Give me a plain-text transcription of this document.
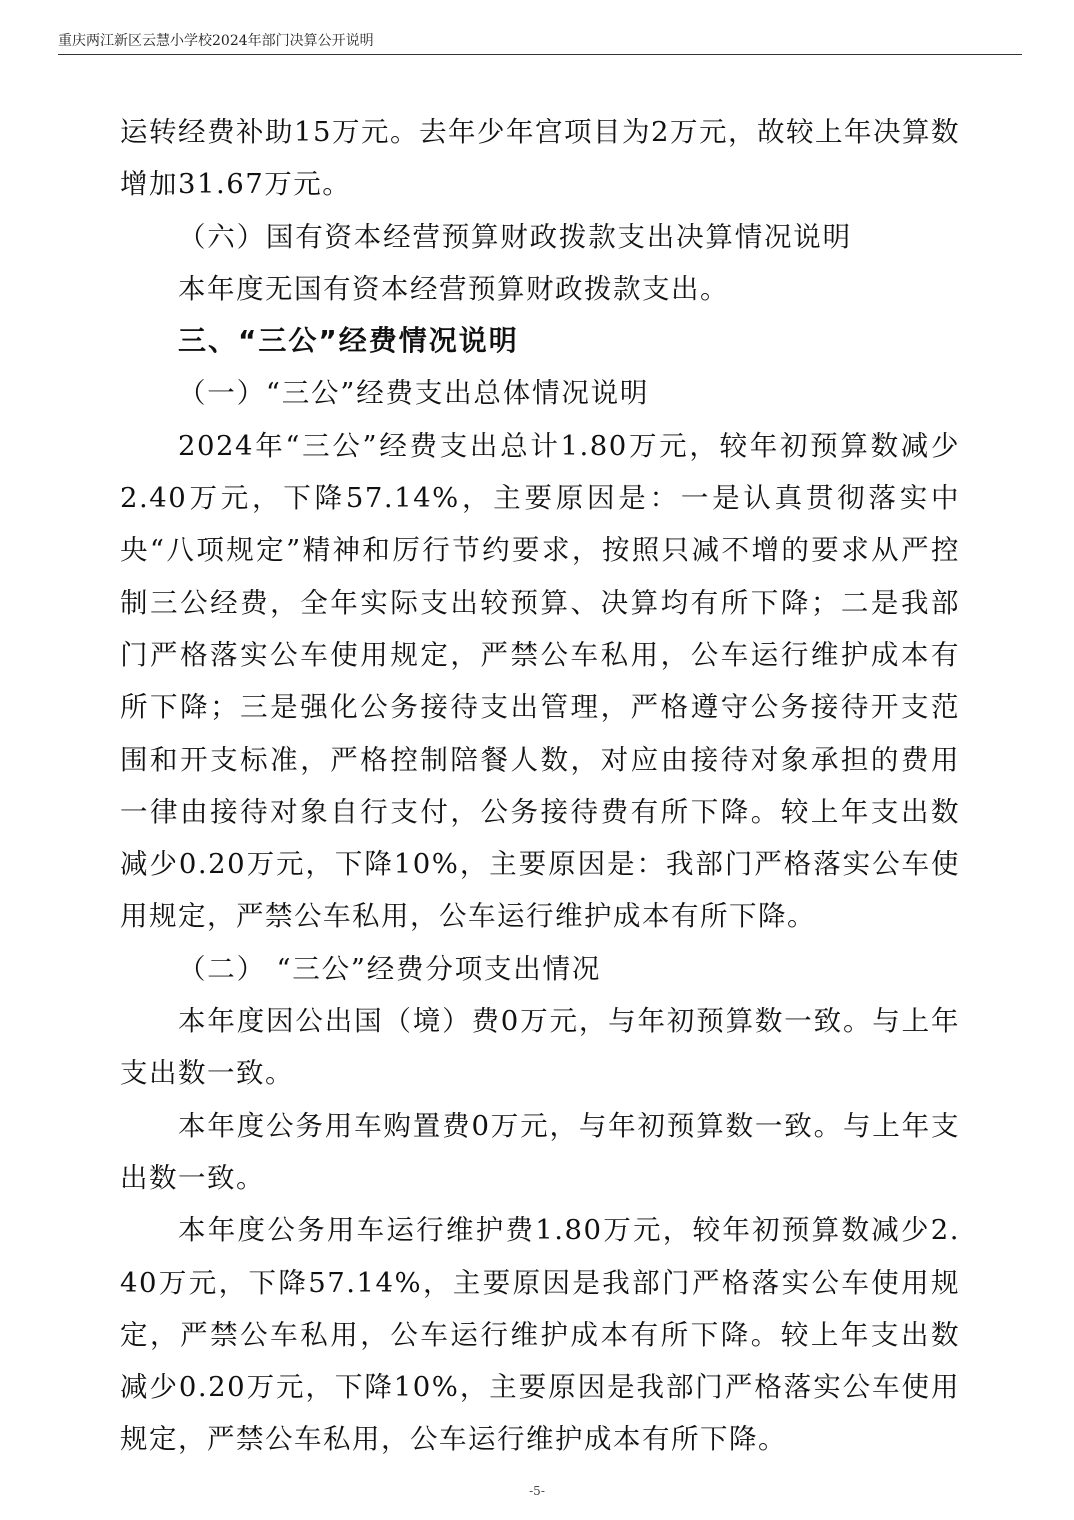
重庆两江新区云慧小学校2024年部门决算公开说明

运转经费补助15万元。去年少年宫项目为2万元，故较上年决算数增加31.67万元。

（六）国有资本经营预算财政拨款支出决算情况说明

本年度无国有资本经营预算财政拨款支出。

三、“三公”经费情况说明

（一）“三公”经费支出总体情况说明

2024年“三公”经费支出总计1.80万元，较年初预算数减少2.40万元，下降57.14%，主要原因是：一是认真贯彻落实中央“八项规定”精神和厉行节约要求，按照只减不增的要求从严控制三公经费，全年实际支出较预算、决算均有所下降；二是我部门严格落实公车使用规定，严禁公车私用，公车运行维护成本有所下降；三是强化公务接待支出管理，严格遵守公务接待开支范围和开支标准，严格控制陪餐人数，对应由接待对象承担的费用一律由接待对象自行支付，公务接待费有所下降。较上年支出数减少0.20万元，下降10%，主要原因是：我部门严格落实公车使用规定，严禁公车私用，公车运行维护成本有所下降。

（二） “三公”经费分项支出情况

本年度因公出国（境）费0万元，与年初预算数一致。与上年支出数一致。

本年度公务用车购置费0万元，与年初预算数一致。与上年支出数一致。

本年度公务用车运行维护费1.80万元，较年初预算数减少2.40万元，下降57.14%，主要原因是我部门严格落实公车使用规定，严禁公车私用，公车运行维护成本有所下降。较上年支出数减少0.20万元，下降10%，主要原因是我部门严格落实公车使用规定，严禁公车私用，公车运行维护成本有所下降。

-5-
